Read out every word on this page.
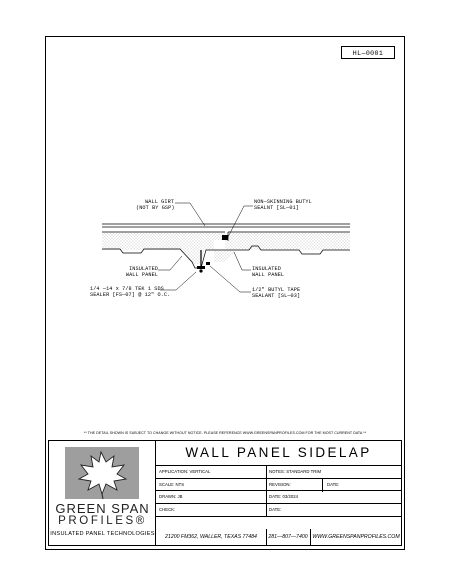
HL—0001
WALL GIRT
(NOT BY GSP)
NON—SKINNING BUTYL
SEALNT [SL—01]
INSULATED
WALL PANEL
INSULATED
WALL PANEL
1/4 —14 x 7/8 TEK 1 SDS
SEALER [FS—07] @ 12" O.C.
1/2" BUTYL TAPE
SEALANT [SL—03]
** THE DETAIL SHOWN IS SUBJECT TO CHANGE WITHOUT NOTICE. PLEASE REFERENCE WWW.GREENSPANPROFILES.COM FOR THE MOST CURRENT DATA **
GREEN SPAN
PROFILES®
INSULATED PANEL TECHNOLOGIES
WALL PANEL SIDELAP
APPLICATION: VERTICAL	NOTES: STANDARD TRIM
SCALE: NTS	REVISION:	DATE:
DRAWN: JB	DATE: 03/2024
CHECK:	DATE:
21200 FM362, WALLER, TEXAS 77484	281—807—7400 WWW.GREENSPANPROFILES.COM
